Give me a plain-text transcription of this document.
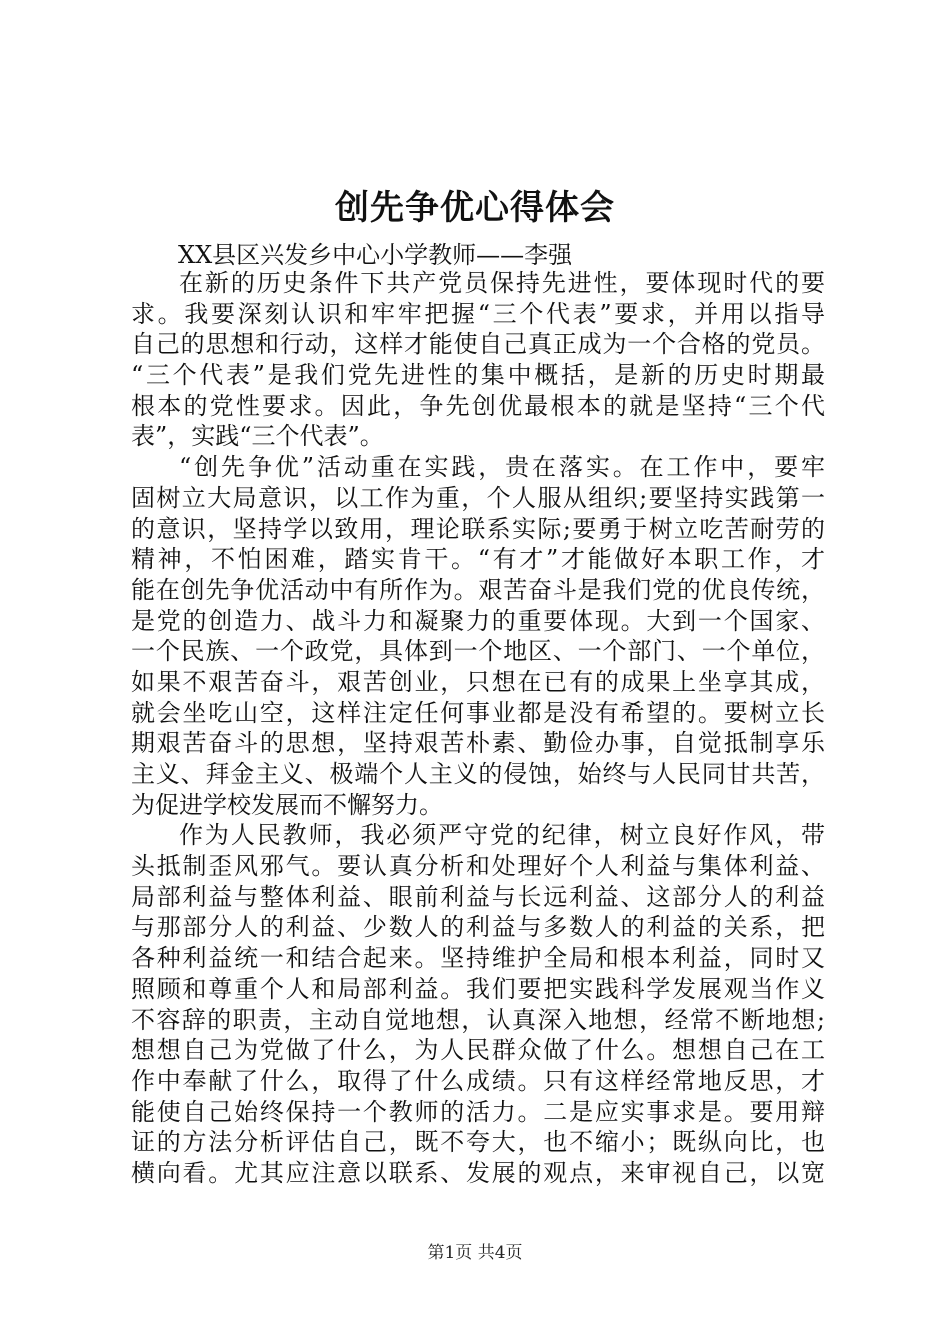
创先争优心得体会
XX县区兴发乡中心小学教师——李强
在新的历史条件下共产党员保持先进性，要体现时代的要
求。我要深刻认识和牢牢把握“三个代表”要求，并用以指导
自己的思想和行动，这样才能使自己真正成为一个合格的党员。
“三个代表”是我们党先进性的集中概括，是新的历史时期最
根本的党性要求。因此，争先创优最根本的就是坚持“三个代
表”，实践“三个代表”。
“创先争优”活动重在实践，贵在落实。在工作中，要牢
固树立大局意识，以工作为重，个人服从组织;要坚持实践第一
的意识，坚持学以致用，理论联系实际;要勇于树立吃苦耐劳的
精神，不怕困难，踏实肯干。“有才”才能做好本职工作，才
能在创先争优活动中有所作为。艰苦奋斗是我们党的优良传统，
是党的创造力、战斗力和凝聚力的重要体现。大到一个国家、
一个民族、一个政党，具体到一个地区、一个部门、一个单位，
如果不艰苦奋斗，艰苦创业，只想在已有的成果上坐享其成，
就会坐吃山空，这样注定任何事业都是没有希望的。要树立长
期艰苦奋斗的思想，坚持艰苦朴素、勤俭办事，自觉抵制享乐
主义、拜金主义、极端个人主义的侵蚀，始终与人民同甘共苦，
为促进学校发展而不懈努力。
作为人民教师，我必须严守党的纪律，树立良好作风，带
头抵制歪风邪气。要认真分析和处理好个人利益与集体利益、
局部利益与整体利益、眼前利益与长远利益、这部分人的利益
与那部分人的利益、少数人的利益与多数人的利益的关系，把
各种利益统一和结合起来。坚持维护全局和根本利益，同时又
照顾和尊重个人和局部利益。我们要把实践科学发展观当作义
不容辞的职责，主动自觉地想，认真深入地想，经常不断地想;
想想自己为党做了什么，为人民群众做了什么。想想自己在工
作中奉献了什么，取得了什么成绩。只有这样经常地反思，才
能使自己始终保持一个教师的活力。二是应实事求是。要用辩
证的方法分析评估自己，既不夸大，也不缩小；既纵向比，也
横向看。尤其应注意以联系、发展的观点，来审视自己，以宽
第1页 共4页
